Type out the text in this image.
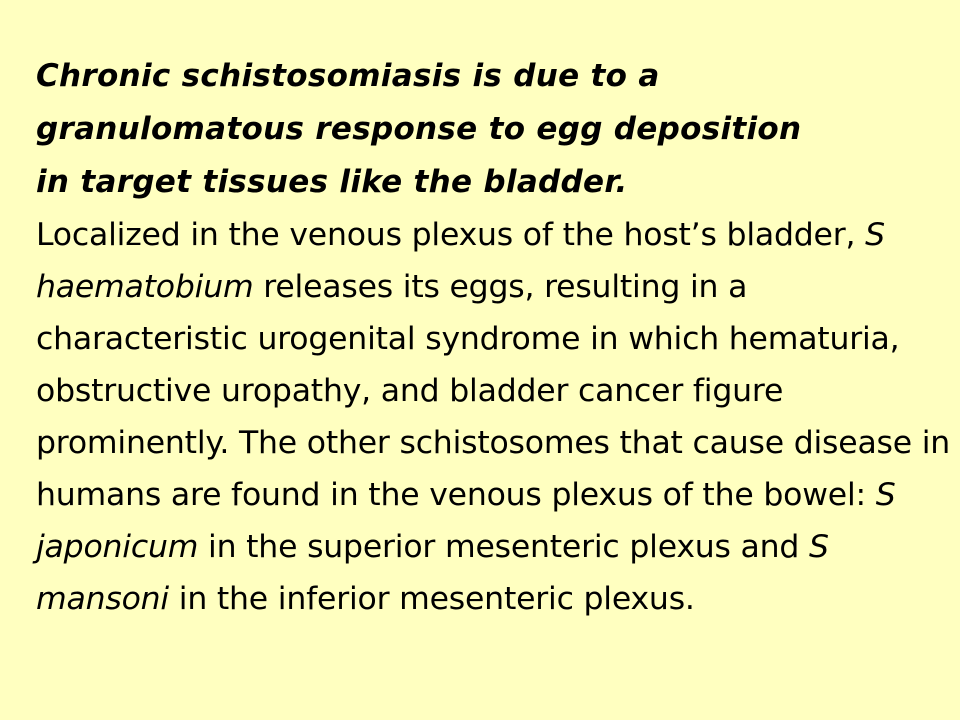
Chronic schistosomiasis is due to a
granulomatous response to egg deposition
in target tissues like the bladder.

Localized in the venous plexus of the host’s bladder, S haematobium releases its eggs, resulting in a characteristic urogenital syndrome in which hematuria, obstructive uropathy, and bladder cancer figure prominently. The other schistosomes that cause disease in humans are found in the venous plexus of the bowel: S japonicum in the superior mesenteric plexus and S mansoni in the inferior mesenteric plexus.
